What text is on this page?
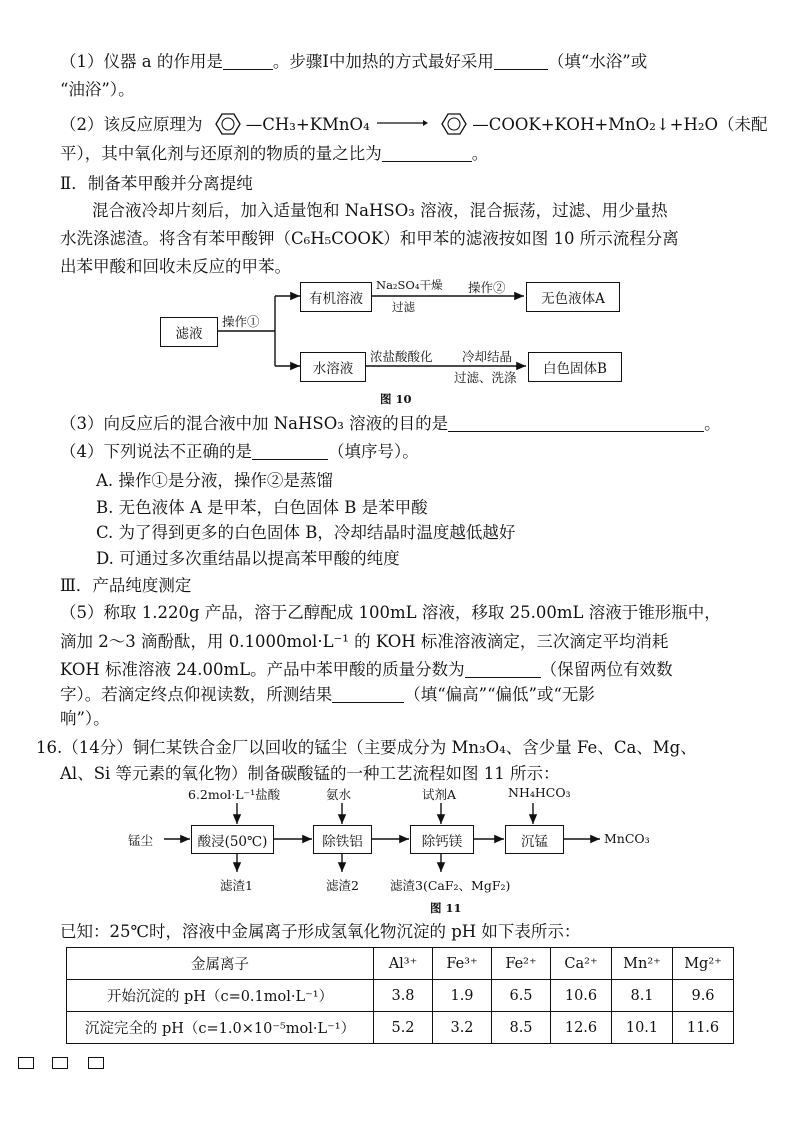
（1）仪器 a 的作用是	。步骤Ⅰ中加热的方式最好采用	（填“水浴”或
“油浴”）。
（2）该反应原理为	—CH₃+KMnO₄ →	—COOK+KOH+MnO₂↓+H₂O（未配
平），其中氧化剂与还原剂的物质的量之比为	。
Ⅱ．制备苯甲酸并分离提纯
混合液冷却片刻后，加入适量饱和 NaHSO₃ 溶液，混合振荡，过滤、用少量热
水洗涤滤渣。将含有苯甲酸钾（C₆H₅COOK）和甲苯的滤液按如图 10 所示流程分离
出苯甲酸和回收未反应的甲苯。
滤液
操作①
有机溶液
水溶液
Na₂SO₄干燥
过滤
操作②
无色液体A
浓盐酸酸化 冷却结晶
过滤、洗涤
白色固体B
图 10
（3）向反应后的混合液中加 NaHSO₃ 溶液的目的是	。
（4）下列说法不正确的是	（填序号）。
A. 操作①是分液，操作②是蒸馏
B. 无色液体 A 是甲苯，白色固体 B 是苯甲酸
C. 为了得到更多的白色固体 B，冷却结晶时温度越低越好
D. 可通过多次重结晶以提高苯甲酸的纯度
Ⅲ．产品纯度测定
（5）称取 1.220g 产品，溶于乙醇配成 100mL 溶液，移取 25.00mL 溶液于锥形瓶中，
滴加 2～3 滴酚酞，用 0.1000mol·L⁻¹ 的 KOH 标准溶液滴定，三次滴定平均消耗
KOH 标准溶液 24.00mL。产品中苯甲酸的质量分数为	（保留两位有效数
字）。若滴定终点仰视读数，所测结果	（填“偏高”“偏低”或“无影
响”）。
16.（14分）铜仁某铁合金厂以回收的锰尘（主要成分为 Mn₃O₄、含少量 Fe、Ca、Mg、
Al、Si 等元素的氧化物）制备碳酸锰的一种工艺流程如图 11 所示：
6.2mol·L⁻¹盐酸	氨水	试剂A	NH₄HCO₃
锰尘	酸浸(50℃)	除铁铝	除钙镁	沉锰	MnCO₃
滤渣1	滤渣2 滤渣3(CaF₂、MgF₂)
图 11
已知：25℃时，溶液中金属离子形成氢氧化物沉淀的 pH 如下表所示：
金属离子	Al³⁺	Fe³⁺	Fe²⁺	Ca²⁺	Mn²⁺	Mg²⁺
开始沉淀的 pH（c=0.1mol·L⁻¹）	3.8	1.9	6.5	10.6	8.1	9.6
沉淀完全的 pH（c=1.0×10⁻⁵mol·L⁻¹）	5.2	3.2	8.5	12.6	10.1	11.6
